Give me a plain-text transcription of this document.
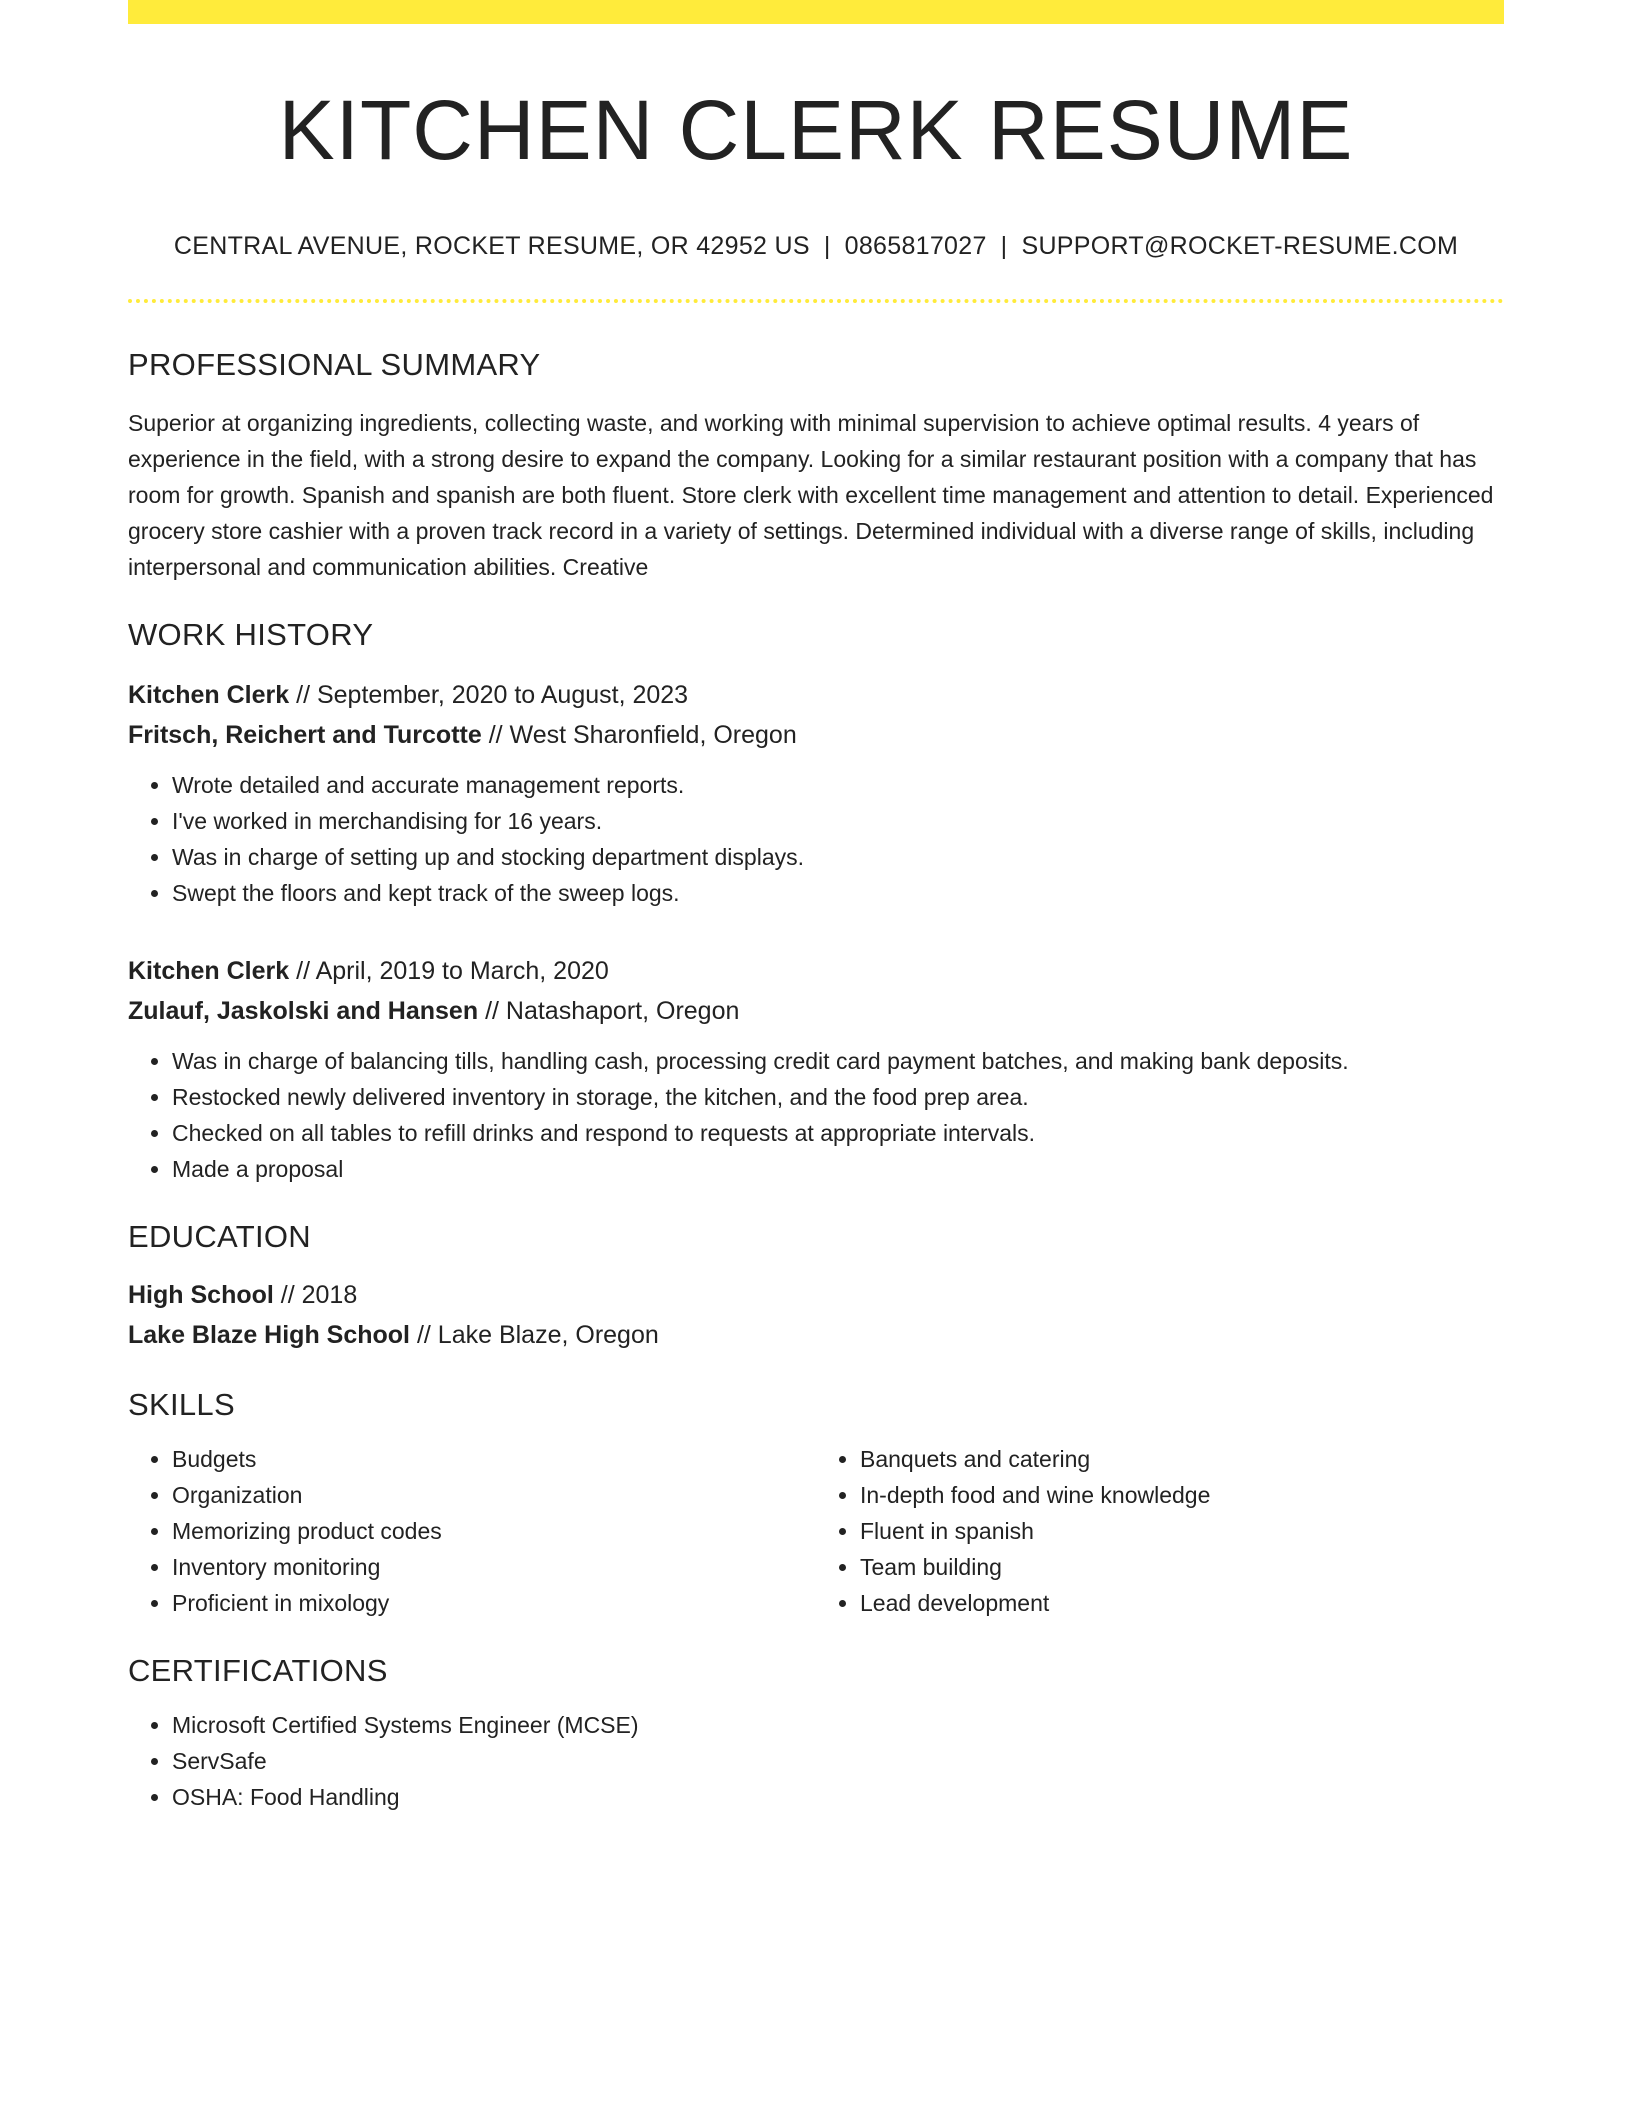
KITCHEN CLERK RESUME
CENTRAL AVENUE, ROCKET RESUME, OR 42952 US | 0865817027 | SUPPORT@ROCKET-RESUME.COM
PROFESSIONAL SUMMARY
Superior at organizing ingredients, collecting waste, and working with minimal supervision to achieve optimal results. 4 years of experience in the field, with a strong desire to expand the company. Looking for a similar restaurant position with a company that has room for growth. Spanish and spanish are both fluent. Store clerk with excellent time management and attention to detail. Experienced grocery store cashier with a proven track record in a variety of settings. Determined individual with a diverse range of skills, including interpersonal and communication abilities. Creative
WORK HISTORY
Kitchen Clerk // September, 2020 to August, 2023
Fritsch, Reichert and Turcotte // West Sharonfield, Oregon
• Wrote detailed and accurate management reports.
• I've worked in merchandising for 16 years.
• Was in charge of setting up and stocking department displays.
• Swept the floors and kept track of the sweep logs.
Kitchen Clerk // April, 2019 to March, 2020
Zulauf, Jaskolski and Hansen // Natashaport, Oregon
• Was in charge of balancing tills, handling cash, processing credit card payment batches, and making bank deposits.
• Restocked newly delivered inventory in storage, the kitchen, and the food prep area.
• Checked on all tables to refill drinks and respond to requests at appropriate intervals.
• Made a proposal
EDUCATION
High School // 2018
Lake Blaze High School // Lake Blaze, Oregon
SKILLS
• Budgets
• Organization
• Memorizing product codes
• Inventory monitoring
• Proficient in mixology
• Banquets and catering
• In-depth food and wine knowledge
• Fluent in spanish
• Team building
• Lead development
CERTIFICATIONS
• Microsoft Certified Systems Engineer (MCSE)
• ServSafe
• OSHA: Food Handling
